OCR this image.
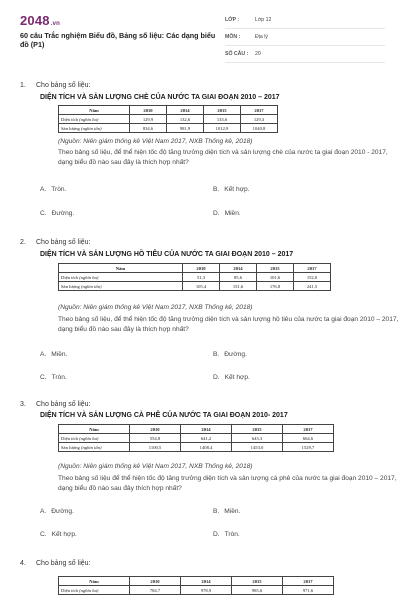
2048.vn
60 câu Trắc nghiệm Biểu đồ, Bảng số liệu: Các dạng biểu đồ (P1)
LỚP :	Lớp 12
MÔN :	Địa lý
SỐ CÂU :	20
1.	Cho bảng số liệu:
DIỆN TÍCH VÀ SẢN LƯỢNG CHÈ CỦA NƯỚC TA GIAI ĐOẠN 2010 – 2017
Năm	2010	2014	2015	2017
Diện tích (nghìn ha)	129,9	132,6	133,6	129,3
Sản lượng (nghìn tấn)	834,6	981,9	1012,9	1040,8
(Nguồn: Niên giám thống kê Việt Nam 2017, NXB Thống kê, 2018)
Theo bảng số liệu, để thể hiện tốc độ tăng trưởng diện tích và sản lượng chè của nước ta giai đoạn 2010 - 2017, dạng biểu đồ nào sau đây là thích hợp nhất?
A. Tròn.	B. Kết hợp.
C. Đường.	D. Miền.
2.	Cho bảng số liệu:
DIỆN TÍCH VÀ SẢN LƯỢNG HỒ TIÊU CỦA NƯỚC TA GIAI ĐOẠN 2010 – 2017
Năm	2010	2014	2015	2017
Diện tích (nghìn ha)	51,3	85,6	101,6	152,0
Sản lượng (nghìn tấn)	105,4	151,6	176,8	241,5
(Nguồn: Niên giám thống kê Việt Nam 2017, NXB Thống kê, 2018)
Theo bảng số liệu, để thể hiện tốc độ tăng trưởng diện tích và sản lượng hồ tiêu của nước ta giai đoạn 2010 – 2017, dạng biểu đồ nào sau đây là thích hợp nhất?
A. Miền.	B. Đường.
C. Tròn.	D. Kết hợp.
3.	Cho bảng số liệu:
DIỆN TÍCH VÀ SẢN LƯỢNG CÀ PHÊ CỦA NƯỚC TA GIAI ĐOẠN 2010- 2017
Năm	2010	2014	2015	2017
Diện tích (nghìn ha)	554,8	641,2	643,3	664,6
Sản lượng (nghìn tấn)	1100,5	1408,4	1453,0	1529,7
(Nguồn: Niên giám thống kê Việt Nam 2017, NXB Thống kê, 2018)
Theo bảng số liệu để thể hiện tốc độ tăng trưởng diện tích và sản lượng cà phê của nước ta giai đoạn 2010 – 2017, dạng biểu đồ nào sau đây thích hợp nhất?
A. Đường.	B. Miền.
C. Kết hợp.	D. Tròn.
4.	Cho bảng số liệu:
Năm	2010	2014	2015	2017
Diện tích (nghìn ha)	784,7	978,9	985,6	971,6
